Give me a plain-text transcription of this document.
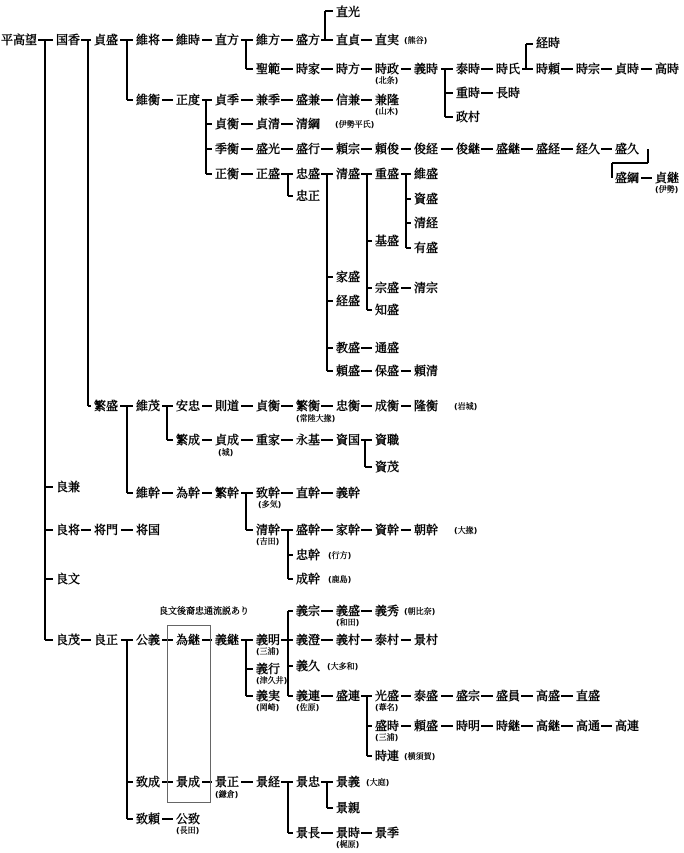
良文後裔忠通流説あり
平高望 国香 貞盛 維将 維時 直方 維方 盛方
直光
直貞 直実 (熊谷)
聖範 時家 時方 時政
(北条)
義時 泰時 時氏
経時
時頼 時宗 貞時 高時
重時 長時
政村
維衡 正度 貞季 兼季 盛兼 信兼 兼隆
(山木)
貞衡 貞清 清綱 (伊勢平氏)
季衡 盛光 盛行 頼宗 頼俊 俊経 俊継 盛継 盛経 経久 盛久
盛綱 貞継
(伊勢)
正衡 正盛 忠盛
忠正
清盛 重盛 維盛
資盛
清経
有盛
基盛
家盛
経盛
宗盛 清宗
知盛
教盛 通盛
頼盛 保盛 頼清
繁盛 維茂 安忠 則道 貞衡 繁衡
(常陸大掾)
忠衡 成衡 隆衡 (岩城)
繁成 貞成
(城)
重家 永基 資国 資職
資茂
維幹 為幹 繁幹 致幹
(多気)
直幹 義幹
清幹
(吉田)
盛幹 家幹 資幹 朝幹 (大掾)
忠幹 (行方)
成幹 (鹿島)
良兼
良将 将門 将国
良文
良茂 良正 公義 為継 義継 義明
(三浦)
義行
(津久井)
義実
(岡崎)
義宗 義盛
(和田)
義秀 (朝比奈)
義澄 義村 泰村 景村
義久 (大多和)
義連
(佐原)
盛連 光盛
(葦名)
泰盛 盛宗 盛員 高盛 直盛
盛時
(三浦)
頼盛 時明 時継 高継 高通 高連
時連 (横須賀)
致成 景成 景正
(鎌倉)
景経 景忠 景義 (大庭)
景親
致頼 公致
(長田)	景長 景時
(梶原)
景季
